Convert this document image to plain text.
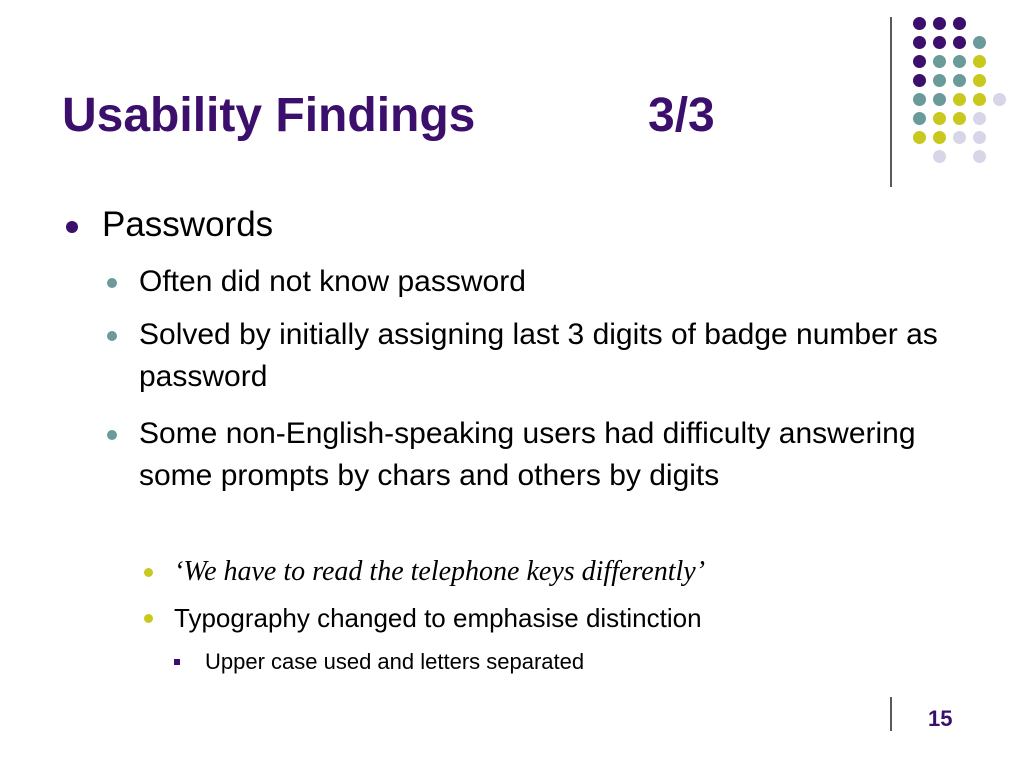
Usability Findings	3/3
Passwords
Often did not know password
Solved by initially assigning last 3 digits of badge number as password
Some non-English-speaking users had difficulty answering some prompts by chars and others by digits
‘We have to read the telephone keys differently’
Typography changed to emphasise distinction
Upper case used and letters separated
15
